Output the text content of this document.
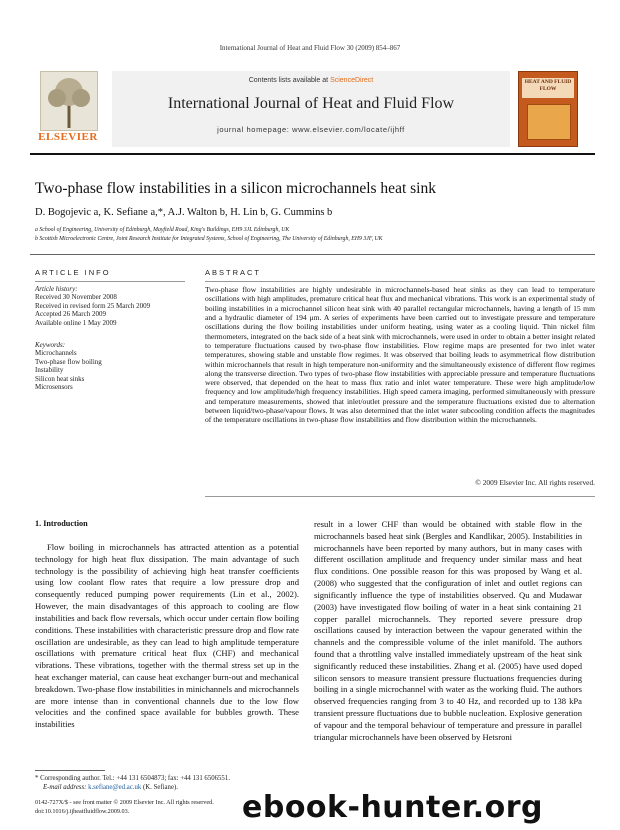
International Journal of Heat and Fluid Flow 30 (2009) 854–867
ELSEVIER
Contents lists available at ScienceDirect
International Journal of Heat and Fluid Flow
journal homepage: www.elsevier.com/locate/ijhff
HEAT AND FLUID FLOW
Two-phase flow instabilities in a silicon microchannels heat sink
D. Bogojevic a, K. Sefiane a,*, A.J. Walton b, H. Lin b, G. Cummins b
a School of Engineering, University of Edinburgh, Mayfield Road, King's Buildings, EH9 3JL Edinburgh, UK
b Scottish Microelectronic Centre, Joint Research Institute for Integrated Systems, School of Engineering, The University of Edinburgh, EH9 3JF, UK
ARTICLE INFO	ABSTRACT
Article history:
Received 30 November 2008
Received in revised form 25 March 2009
Accepted 26 March 2009
Available online 1 May 2009
Keywords:
Microchannels
Two-phase flow boiling
Instability
Silicon heat sinks
Microsensors
Two-phase flow instabilities are highly undesirable in microchannels-based heat sinks as they can lead to temperature oscillations with high amplitudes, premature critical heat flux and mechanical vibrations. This work is an experimental study of boiling instabilities in a microchannel silicon heat sink with 40 parallel rectangular microchannels, having a length of 15 mm and a hydraulic diameter of 194 μm. A series of experiments have been carried out to investigate pressure and temperature oscillations during the flow boiling instabilities under uniform heating, using water as a cooling liquid. Thin nickel film thermometers, integrated on the back side of a heat sink with microchannels, were used in order to obtain a better insight related to temperature fluctuations caused by two-phase flow instabilities. Flow regime maps are presented for two inlet water temperatures, showing stable and unstable flow regimes. It was observed that boiling leads to asymmetrical flow distribution within microchannels that result in high temperature non-uniformity and the simultaneously existence of different flow regimes along the transverse direction. Two types of two-phase flow instabilities with appreciable pressure and temperature fluctuations were observed, that depended on the heat to mass flux ratio and inlet water temperature. These were high amplitude/low frequency and low amplitude/high frequency instabilities. High speed camera imaging, performed simultaneously with pressure and temperature measurements, showed that inlet/outlet pressure and the temperature fluctuations existed due to alternation between liquid/two-phase/vapour flows. It was also determined that the inlet water subcooling condition affects the magnitudes of the temperature oscillations in two-phase flow instabilities and flow distribution within the microchannels.
© 2009 Elsevier Inc. All rights reserved.
1. Introduction
Flow boiling in microchannels has attracted attention as a potential technology for high heat flux dissipation. The main advantage of such technology is the possibility of achieving high heat transfer coefficients using low coolant flow rates that require a low pressure drop and consequently reduced pumping power requirements (Lin et al., 2002). However, the main disadvantages of this approach to cooling are flow instabilities and back flow reversals, which occur under certain flow boiling conditions. These instabilities with characteristic pressure drop and flow rate oscillation are undesirable, as they can lead to high amplitude temperature oscillations with premature critical heat flux (CHF) and mechanical vibrations. These vibrations, together with the thermal stress set up in the heat exchanger material, can cause heat exchanger burn-out and mechanical breakdown. Two-phase flow instabilities in minichannels and microchannels are more intense than in conventional channels due to the low flow velocities and the confined space available for bubbles growth. These instabilities
result in a lower CHF than would be obtained with stable flow in the microchannels based heat sink (Bergles and Kandlikar, 2005). Instabilities in microchannels have been reported by many authors, but in many cases with different oscillation amplitude and frequency under similar mass and heat flux conditions. One possible reason for this was proposed by Wang et al. (2008) who suggested that the configuration of inlet and outlet regions can significantly influence the type of instabilities observed. Qu and Mudawar (2003) have investigated flow boiling of water in a heat sink containing 21 copper parallel microchannels. They reported severe pressure drop oscillations caused by interaction between the vapour generated within the channels and the compressible volume of the inlet manifold. The authors found that a throttling valve installed immediately upstream of the heat sink significantly reduced these instabilities. Zhang et al. (2005) have used doped silicon sensors to measure transient pressure fluctuations frequencies during boiling in a single microchannel with water as the working fluid. The authors observed frequencies ranging from 3 to 40 Hz, and recorded up to 138 kPa transient pressure fluctuations due to bubble nucleation. Explosive generation of vapour and the temporal behaviour of temperature and pressure in parallel triangular microchannels have been observed by Hetsroni
* Corresponding author. Tel.: +44 131 6504873; fax: +44 131 6506551.
E-mail address: k.sefiane@ed.ac.uk (K. Sefiane).
0142-727X/$ - see front matter © 2009 Elsevier Inc. All rights reserved.
doi:10.1016/j.ijheatfluidflow.2009.03.	ebook-hunter.org
